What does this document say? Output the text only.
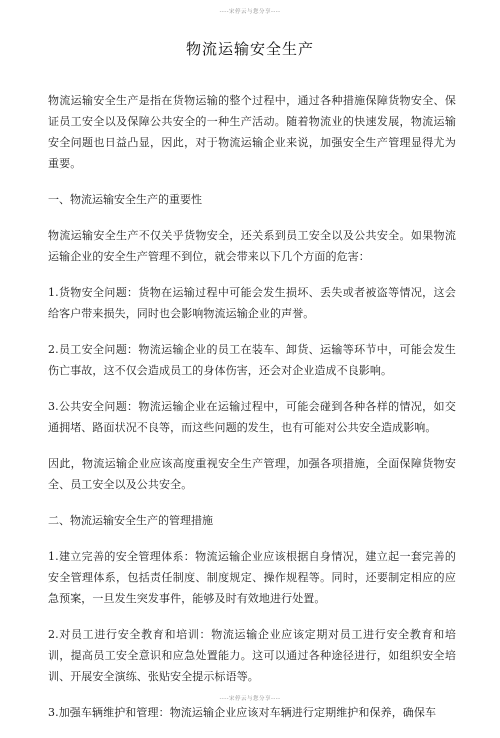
----宋停云与您分享----
物流运输安全生产

物流运输安全生产是指在货物运输的整个过程中，通过各种措施保障货物安全、保证员工安全以及保障公共安全的一种生产活动。随着物流业的快速发展，物流运输安全问题也日益凸显，因此，对于物流运输企业来说，加强安全生产管理显得尤为重要。

一、物流运输安全生产的重要性

物流运输安全生产不仅关乎货物安全，还关系到员工安全以及公共安全。如果物流运输企业的安全生产管理不到位，就会带来以下几个方面的危害：

1.货物安全问题：货物在运输过程中可能会发生损坏、丢失或者被盗等情况，这会给客户带来损失，同时也会影响物流运输企业的声誉。

2.员工安全问题：物流运输企业的员工在装车、卸货、运输等环节中，可能会发生伤亡事故，这不仅会造成员工的身体伤害，还会对企业造成不良影响。

3.公共安全问题：物流运输企业在运输过程中，可能会碰到各种各样的情况，如交通拥堵、路面状况不良等，而这些问题的发生，也有可能对公共安全造成影响。

因此，物流运输企业应该高度重视安全生产管理，加强各项措施，全面保障货物安全、员工安全以及公共安全。

二、物流运输安全生产的管理措施

1.建立完善的安全管理体系：物流运输企业应该根据自身情况，建立起一套完善的安全管理体系，包括责任制度、制度规定、操作规程等。同时，还要制定相应的应急预案，一旦发生突发事件，能够及时有效地进行处置。

2.对员工进行安全教育和培训：物流运输企业应该定期对员工进行安全教育和培训，提高员工安全意识和应急处置能力。这可以通过各种途径进行，如组织安全培训、开展安全演练、张贴安全提示标语等。

3.加强车辆维护和管理：物流运输企业应该对车辆进行定期维护和保养，确保车

----宋停云与您分享----
